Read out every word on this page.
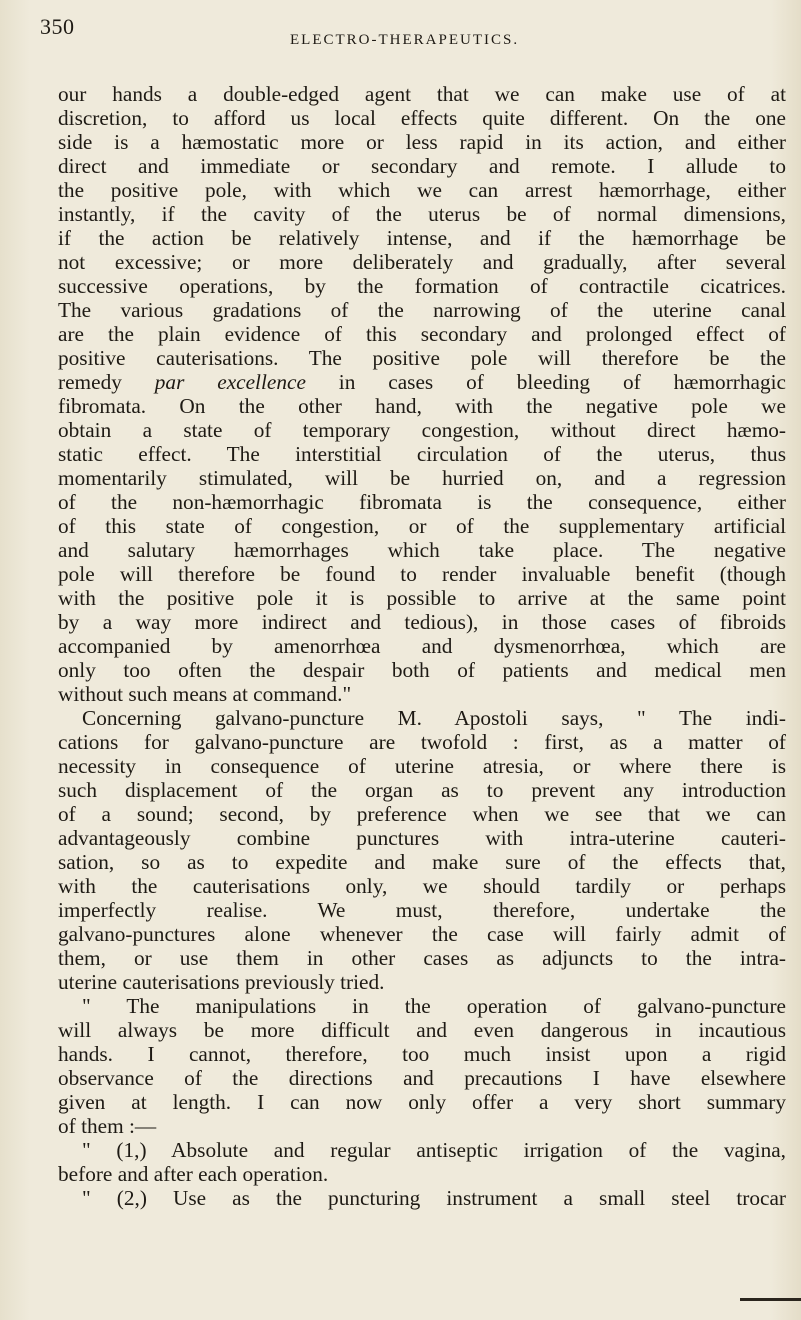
350
ELECTRO-THERAPEUTICS.
our hands a double-edged agent that we can make use of at
discretion, to afford us local effects quite different. On the one
side is a hæmostatic more or less rapid in its action, and either
direct and immediate or secondary and remote. I allude to
the positive pole, with which we can arrest hæmorrhage, either
instantly, if the cavity of the uterus be of normal dimensions,
if the action be relatively intense, and if the hæmorrhage be
not excessive; or more deliberately and gradually, after several
successive operations, by the formation of contractile cicatrices.
The various gradations of the narrowing of the uterine canal
are the plain evidence of this secondary and prolonged effect of
positive cauterisations. The positive pole will therefore be the
remedy par excellence in cases of bleeding of hæmorrhagic
fibromata. On the other hand, with the negative pole we
obtain a state of temporary congestion, without direct hæmo-
static effect. The interstitial circulation of the uterus, thus
momentarily stimulated, will be hurried on, and a regression
of the non-hæmorrhagic fibromata is the consequence, either
of this state of congestion, or of the supplementary artificial
and salutary hæmorrhages which take place. The negative
pole will therefore be found to render invaluable benefit (though
with the positive pole it is possible to arrive at the same point
by a way more indirect and tedious), in those cases of fibroids
accompanied by amenorrhœa and dysmenorrhœa, which are
only too often the despair both of patients and medical men
without such means at command."
Concerning galvano-puncture M. Apostoli says, " The indi-
cations for galvano-puncture are twofold : first, as a matter of
necessity in consequence of uterine atresia, or where there is
such displacement of the organ as to prevent any introduction
of a sound; second, by preference when we see that we can
advantageously combine punctures with intra-uterine cauteri-
sation, so as to expedite and make sure of the effects that,
with the cauterisations only, we should tardily or perhaps
imperfectly realise. We must, therefore, undertake the
galvano-punctures alone whenever the case will fairly admit of
them, or use them in other cases as adjuncts to the intra-
uterine cauterisations previously tried.
" The manipulations in the operation of galvano-puncture
will always be more difficult and even dangerous in incautious
hands. I cannot, therefore, too much insist upon a rigid
observance of the directions and precautions I have elsewhere
given at length. I can now only offer a very short summary
of them :—
" (1,) Absolute and regular antiseptic irrigation of the vagina,
before and after each operation.
" (2,) Use as the puncturing instrument a small steel trocar
